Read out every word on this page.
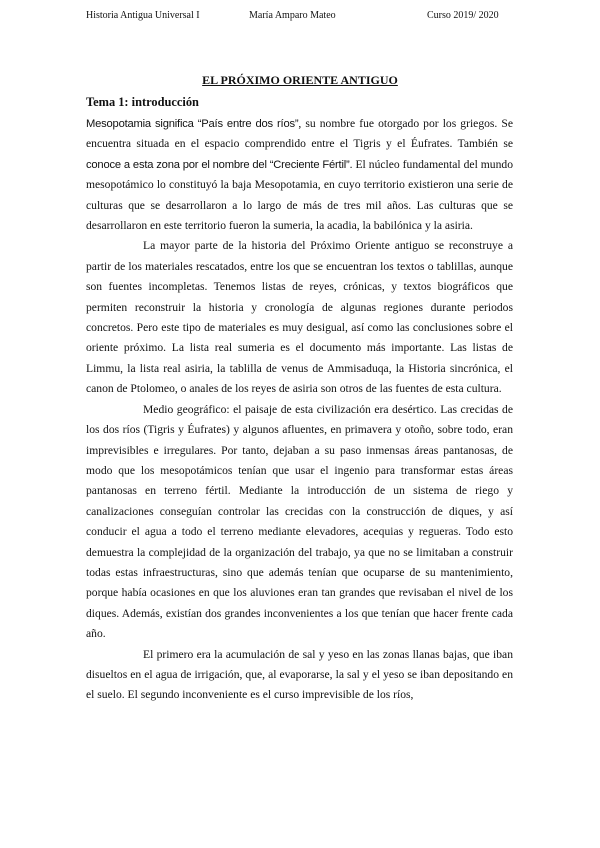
Historia Antigua Universal I	María Amparo Mateo	Curso 2019/ 2020
EL PRÓXIMO ORIENTE ANTIGUO
Tema 1: introducción

Mesopotamia significa “País entre dos ríos”, su nombre fue otorgado por los griegos. Se encuentra situada en el espacio comprendido entre el Tigris y el Éufrates. También se conoce a esta zona por el nombre del “Creciente Fértil”. El núcleo fundamental del mundo mesopotámico lo constituyó la baja Mesopotamia, en cuyo territorio existieron una serie de culturas que se desarrollaron a lo largo de más de tres mil años. Las culturas que se desarrollaron en este territorio fueron la sumeria, la acadia, la babilónica y la asiria.

La mayor parte de la historia del Próximo Oriente antiguo se reconstruye a partir de los materiales rescatados, entre los que se encuentran los textos o tablillas, aunque son fuentes incompletas. Tenemos listas de reyes, crónicas, y textos biográficos que permiten reconstruir la historia y cronología de algunas regiones durante periodos concretos. Pero este tipo de materiales es muy desigual, así como las conclusiones sobre el oriente próximo. La lista real sumeria es el documento más importante. Las listas de Limmu, la lista real asiria, la tablilla de venus de Ammisaduqa, la Historia sincrónica, el canon de Ptolomeo, o anales de los reyes de asiria son otros de las fuentes de esta cultura.

Medio geográfico: el paisaje de esta civilización era desértico. Las crecidas de los dos ríos (Tigris y Éufrates) y algunos afluentes, en primavera y otoño, sobre todo, eran imprevisibles e irregulares. Por tanto, dejaban a su paso inmensas áreas pantanosas, de modo que los mesopotámicos tenían que usar el ingenio para transformar estas áreas pantanosas en terreno fértil. Mediante la introducción de un sistema de riego y canalizaciones conseguían controlar las crecidas con la construcción de diques, y así conducir el agua a todo el terreno mediante elevadores, acequias y regueras. Todo esto demuestra la complejidad de la organización del trabajo, ya que no se limitaban a construir todas estas infraestructuras, sino que además tenían que ocuparse de su mantenimiento, porque había ocasiones en que los aluviones eran tan grandes que revisaban el nivel de los diques. Además, existían dos grandes inconvenientes a los que tenían que hacer frente cada año.

El primero era la acumulación de sal y yeso en las zonas llanas bajas, que iban disueltos en el agua de irrigación, que, al evaporarse, la sal y el yeso se iban depositando en el suelo. El segundo inconveniente es el curso imprevisible de los ríos,
